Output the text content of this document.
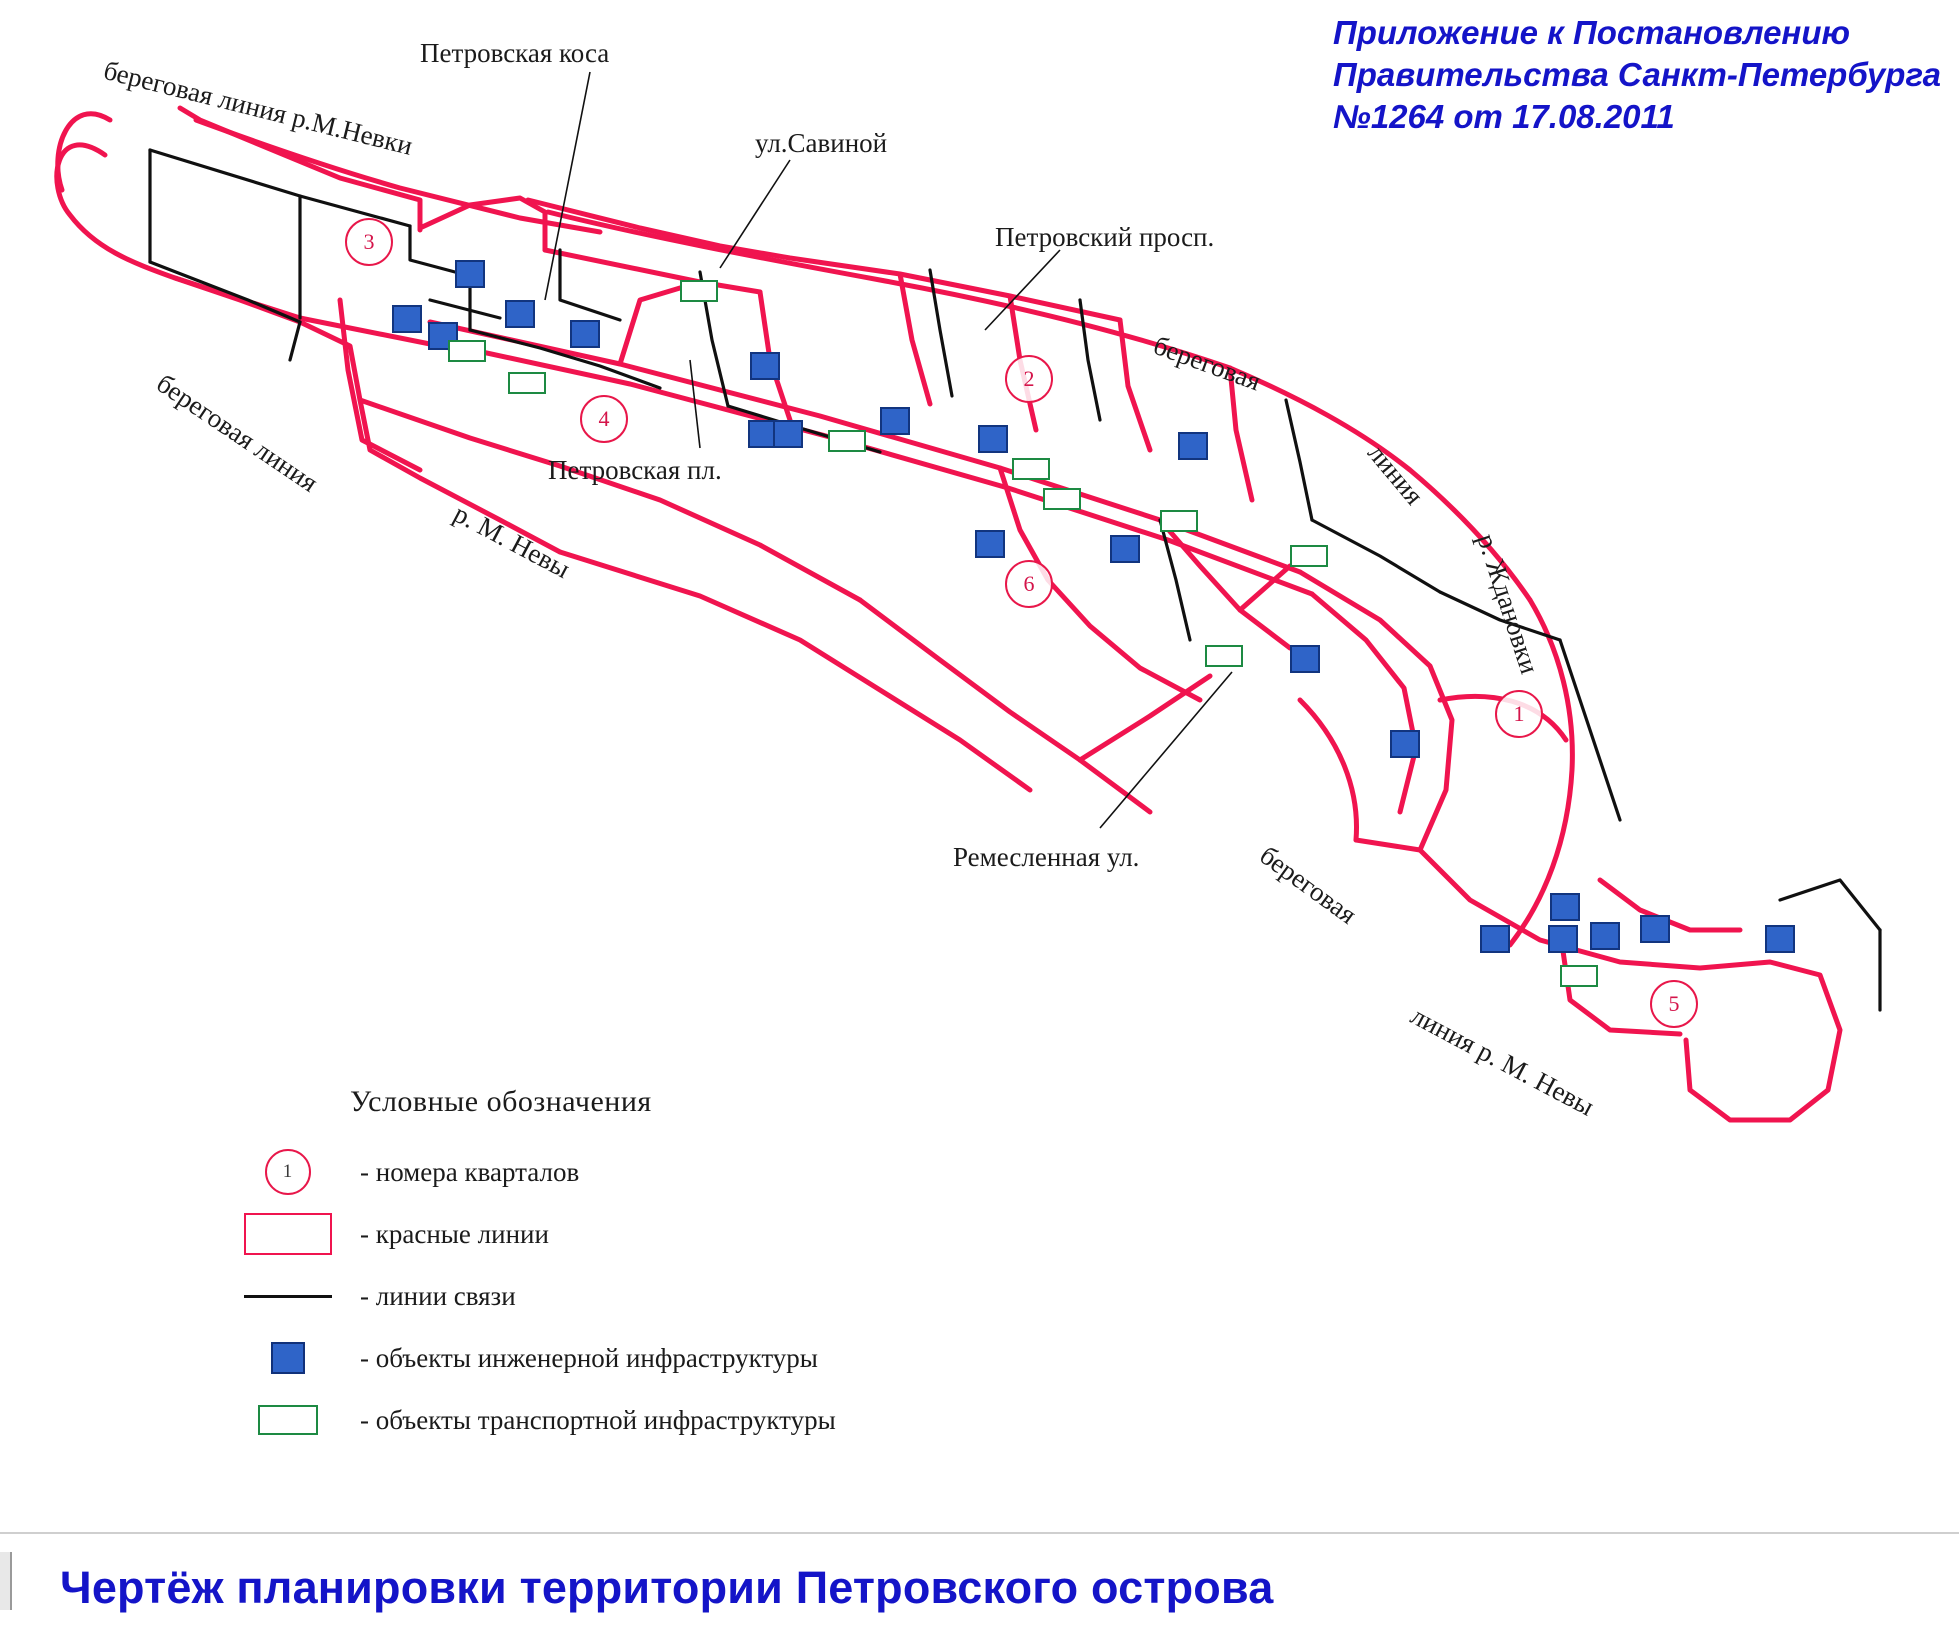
береговая линия р.М.Невки
Петровская коса
ул.Савиной
Петровский просп.
береговая линия
р. М. Невы
Петровская пл.
береговая
линия
р. Ждановки
Ремесленная ул.	береговая
линия р. М. Невы
3
4
2
6
1
5
Приложение к Постановлению
Правительства Санкт-Петербурга
№1264 от 17.08.2011
Условные обозначения
1	- номера кварталов
- красные линии
- линии связи
- объекты инженерной инфраструктуры
- объекты транспортной инфраструктуры
Чертёж планировки территории Петровского острова
